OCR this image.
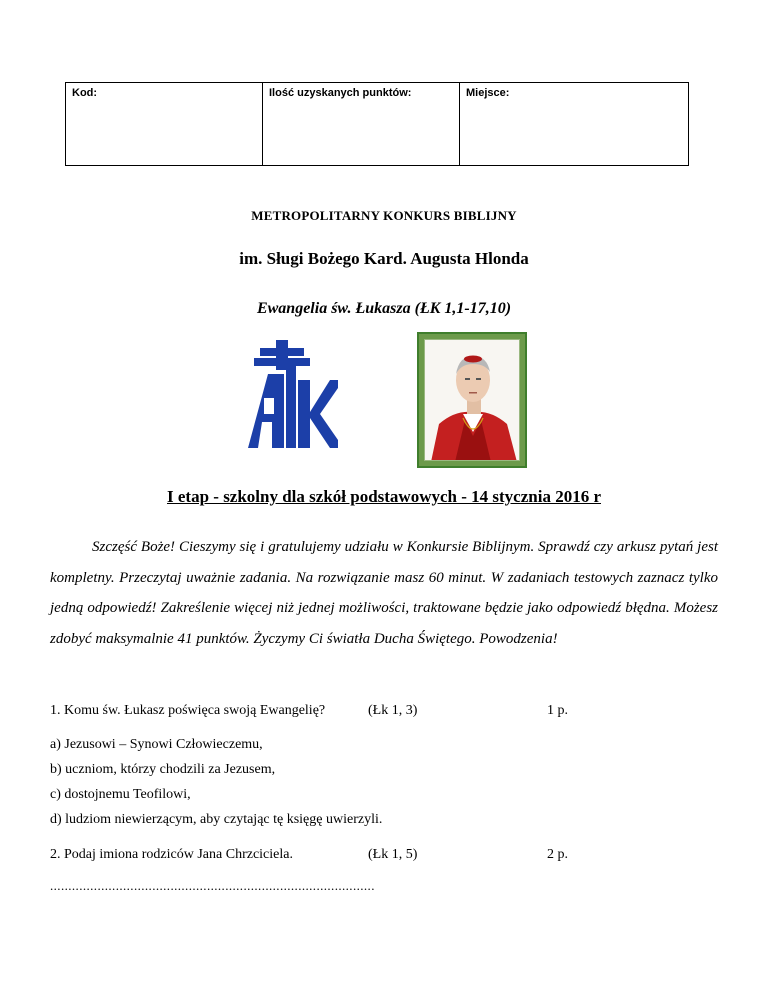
Kod:	Ilość uzyskanych punktów:	Miejsce:
METROPOLITARNY KONKURS BIBLIJNY
im. Sługi Bożego Kard. Augusta Hlonda
Ewangelia św. Łukasza (ŁK 1,1-17,10)
I etap - szkolny dla szkół podstawowych - 14 stycznia 2016 r

Szczęść Boże! Cieszymy się i gratulujemy udziału w Konkursie Biblijnym. Sprawdź czy arkusz pytań jest kompletny. Przeczytaj uważnie zadania. Na rozwiązanie masz 60 minut. W zadaniach testowych zaznacz tylko jedną odpowiedź! Zakreślenie więcej niż jednej możliwości, traktowane będzie jako odpowiedź błędna. Możesz zdobyć maksymalnie 41 punktów. Życzymy Ci światła Ducha Świętego. Powodzenia!

1. Komu św. Łukasz poświęca swoją Ewangelię?	(Łk 1, 3)	1 p.
a) Jezusowi – Synowi Człowieczemu,
b) uczniom, którzy chodzili za Jezusem,
c) dostojnemu Teofilowi,
d) ludziom niewierzącym, aby czytając tę księgę uwierzyli.
2. Podaj imiona rodziców Jana Chrzciciela.	(Łk 1, 5)	2 p.
.........................................................................................
